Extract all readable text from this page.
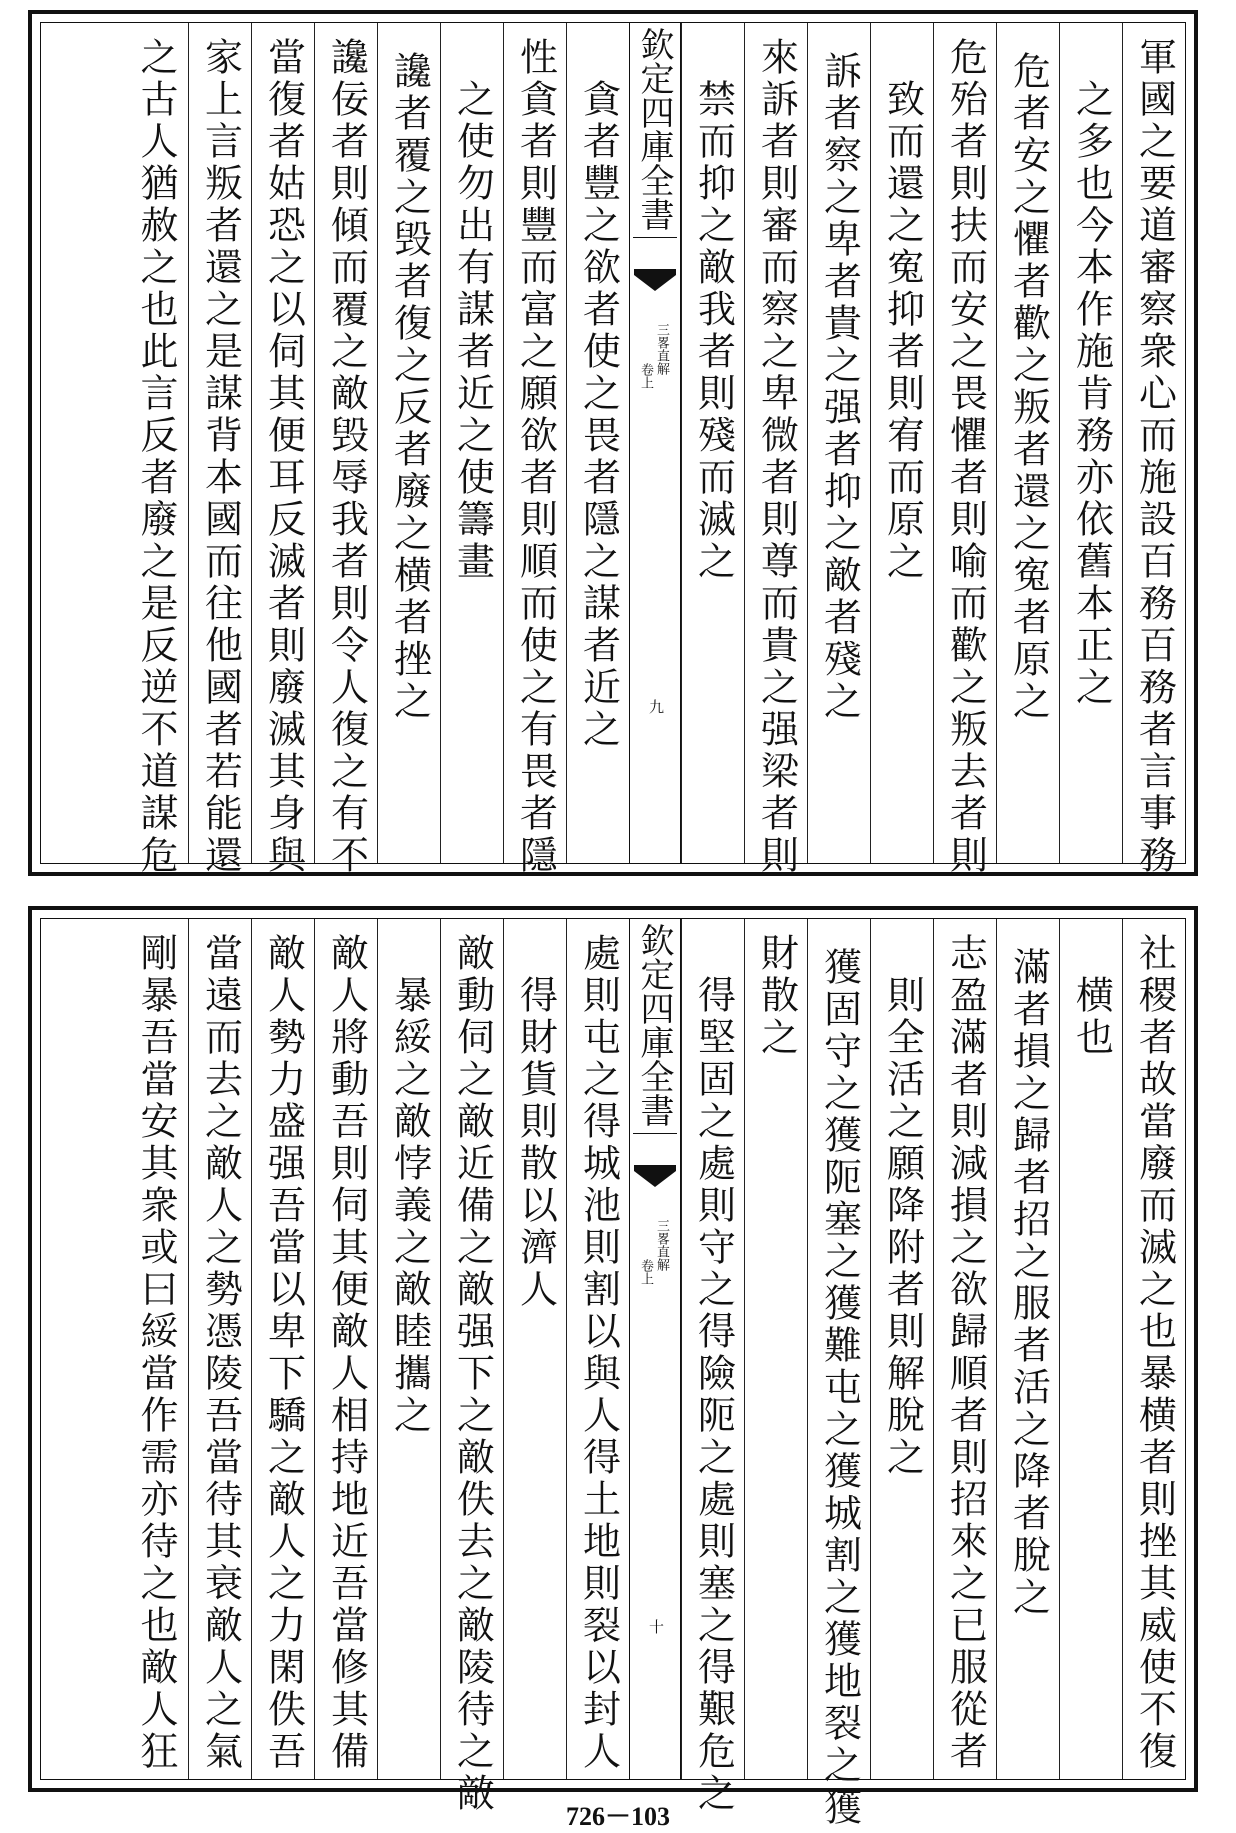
軍國之要道審察衆心而施設百務百務者言事務
之多也今本作施肯務亦依舊本正之
危者安之懼者歡之叛者還之寃者原之
危殆者則扶而安之畏懼者則喻而歡之叛去者則
致而還之寃抑者則宥而原之
訴者察之卑者貴之强者抑之敵者殘之
來訴者則審而察之卑微者則尊而貴之强梁者則
禁而抑之敵我者則殘而滅之
欽定四庫全書
三畧直解
卷上
九
貪者豐之欲者使之畏者隱之謀者近之
性貪者則豐而富之願欲者則順而使之有畏者隱
之使勿出有謀者近之使籌畫
讒者覆之毁者復之反者廢之横者挫之
讒佞者則傾而覆之敵毁辱我者則令人復之有不
當復者姑恐之以伺其便耳反滅者則廢滅其身與
家上言叛者還之是謀背本國而往他國者若能還
之古人猶赦之也此言反者廢之是反逆不道謀危
社稷者故當廢而滅之也暴横者則挫其威使不復
横也
滿者損之歸者招之服者活之降者脫之
志盈滿者則減損之欲歸順者則招來之已服從者
則全活之願降附者則解脫之
獲固守之獲阨塞之獲難屯之獲城割之獲地裂之獲
財散之
得堅固之處則守之得險阨之處則塞之得艱危之
欽定四庫全書
三畧直解
卷上
十
處則屯之得城池則割以與人得土地則裂以封人
得財貨則散以濟人
敵動伺之敵近備之敵强下之敵佚去之敵陵待之敵
暴綏之敵悖義之敵睦攜之
敵人將動吾則伺其便敵人相持地近吾當修其備
敵人勢力盛强吾當以卑下驕之敵人之力閑佚吾
當遠而去之敵人之勢憑陵吾當待其衰敵人之氣
剛暴吾當安其衆或曰綏當作需亦待之也敵人狂
726－103
